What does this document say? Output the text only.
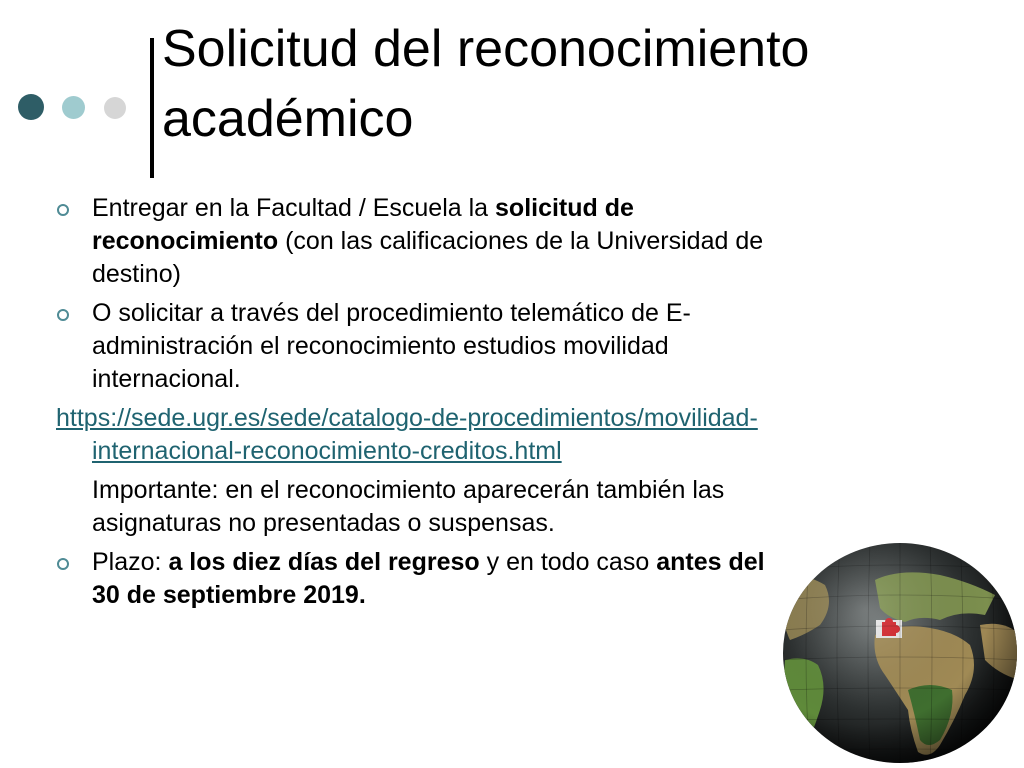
Solicitud del reconocimiento académico

Entregar en la Facultad / Escuela la solicitud de reconocimiento (con las calificaciones de la Universidad de destino)

O solicitar a través del procedimiento telemático de E-administración el reconocimiento estudios movilidad internacional.

https://sede.ugr.es/sede/catalogo-de-procedimientos/movilidad-internacional-reconocimiento-creditos.html

Importante: en el reconocimiento aparecerán también las asignaturas no presentadas o suspensas.

Plazo: a los diez días del regreso y en todo caso antes del 30 de septiembre 2019.
